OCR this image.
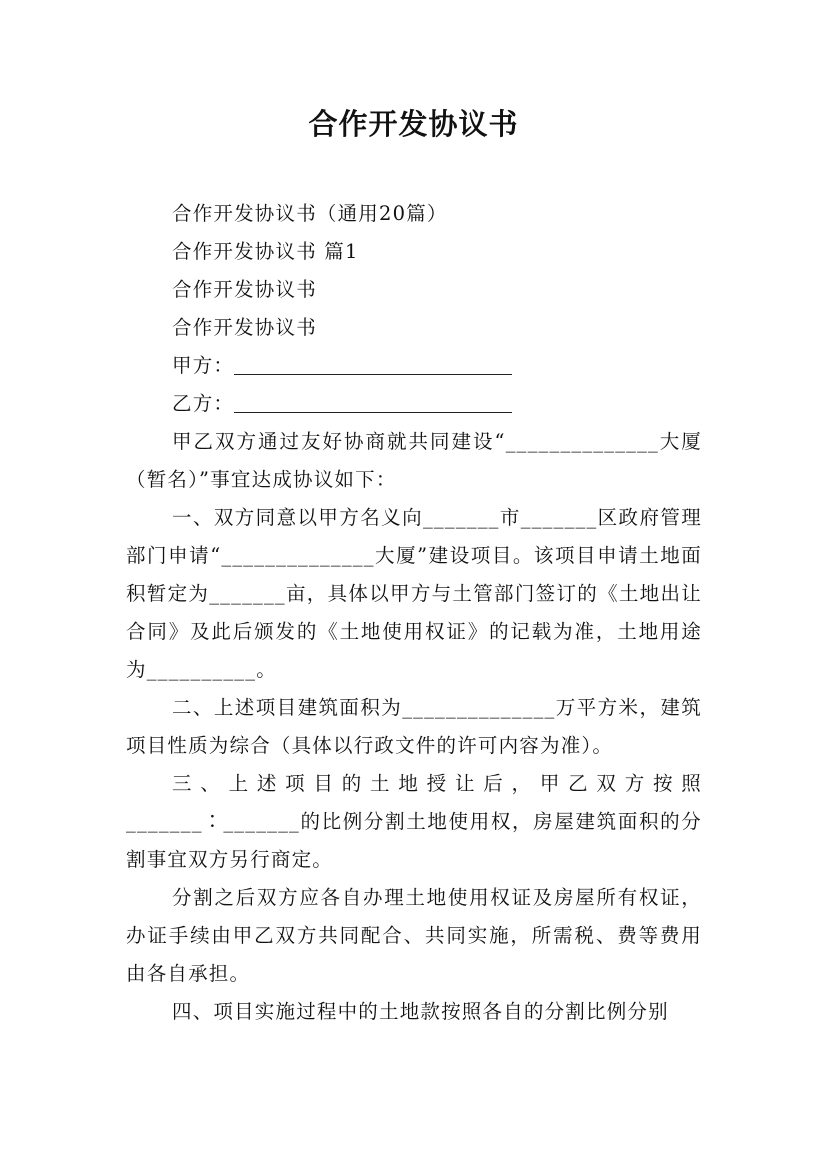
合作开发协议书
合作开发协议书（通用20篇）
合作开发协议书 篇1
合作开发协议书
合作开发协议书
甲方：
乙方：

甲乙双方通过友好协商就共同建设“______________大厦（暂名）”事宜达成协议如下：

一、双方同意以甲方名义向_______市_______区政府管理部门申请“______________大厦”建设项目。该项目申请土地面积暂定为_______亩，具体以甲方与土管部门签订的《土地出让合同》及此后颁发的《土地使用权证》的记载为准，土地用途为__________。

二、上述项目建筑面积为______________万平方米，建筑项目性质为综合（具体以行政文件的许可内容为准）。

三、上述项目的土地授让后，甲乙双方按照_______∶_______的比例分割土地使用权，房屋建筑面积的分割事宜双方另行商定。

分割之后双方应各自办理土地使用权证及房屋所有权证，办证手续由甲乙双方共同配合、共同实施，所需税、费等费用由各自承担。

四、项目实施过程中的土地款按照各自的分割比例分别
